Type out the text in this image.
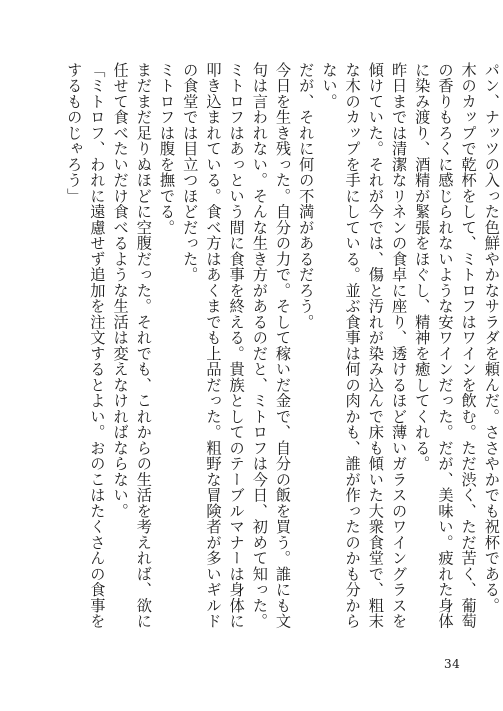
パン、ナッツの入った色鮮やかなサラダを頼んだ。ささやかでも祝杯である。

木のカップで乾杯をして、ミトロフはワインを飲む。ただ渋く、ただ苦く、葡萄の香りもろくに感じられないような安ワインだった。だが、美味い。疲れた身体に染み渡り、酒精が緊張をほぐし、精神を癒してくれる。

昨日までは清潔なリネンの食卓に座り、透けるほど薄いガラスのワイングラスを傾けていた。それが今では、傷と汚れが染み込んで床も傾いた大衆食堂で、粗末な木のカップを手にしている。並ぶ食事は何の肉かも、誰が作ったのかも分からない。

だが、それに何の不満があるだろう。

今日を生き残った。自分の力で。そして稼いだ金で、自分の飯を買う。誰にも文句は言われない。そんな生き方があるのだと、ミトロフは今日、初めて知った。

ミトロフはあっという間に食事を終える。貴族としてのテーブルマナーは身体に叩き込まれている。食べ方はあくまでも上品だった。粗野な冒険者が多いギルドの食堂では目立つほどだった。

ミトロフは腹を撫でる。

まだまだ足りぬほどに空腹だった。それでも、これからの生活を考えれば、欲に任せて食べたいだけ食べるような生活は変えなければならない。

「ミトロフ、われに遠慮せず追加を注文するとよい。おのこはたくさんの食事をするものじゃろう」

34
